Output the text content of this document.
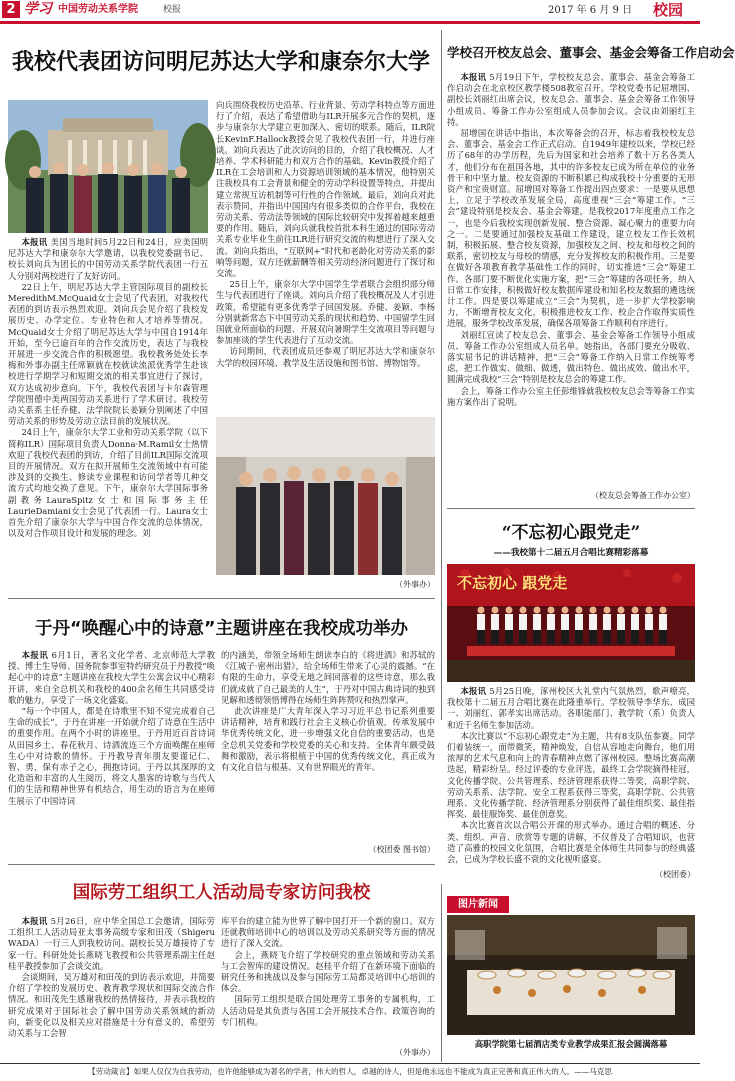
2 学习 中国劳动关系学院	校报	2017 年 6 月 9 日	校园
我校代表团访问明尼苏达大学和康奈尔大学

本报讯 美国当地时间5月22日和24日，应美国明尼苏达大学和康奈尔大学邀请，以我校党委副书记、校长刘向兵为团长的中国劳动关系学院代表团一行五人分别对两校进行了友好访问。

22日上午，明尼苏达大学主管国际项目的副校长MeredithM.McQuaid女士会见了代表团，对我校代表团的到访表示热烈欢迎。刘向兵会见介绍了我校发展历史、办学定位、专业特色和人才培养等情况。McQuaid女士介绍了明尼苏达大学与中国自1914年开始，至今已逾百年的合作交流历史，表达了与我校开展进一步交流合作的积极愿望。我校教务处处长李梅和外事办副主任席颖就在校就读流派优秀学生赴该校进行学期学习和短期交流的相关事宜进行了探讨，双方达成初步意向。下午，我校代表团与卡尔森管理学院图德中美两国劳动关系进行了学术研讨。我校劳动关系系主任乔健、法学院院长姜颖分别阐述了中国劳动关系的形势及劳动立法目前的发展状况。

24日上午，康奈尔大学工业和劳动关系学院（以下简称ILR）国际项目负责人Donna·M.Ramil女士热情欢迎了我校代表团的到访，介绍了目前ILR国际交流项目的开展情况。双方在拟开展师生交流领域中有可能涉及到的交换生、修读专业课程和访问学者等几种交流方式均地交换了意见。下午，康奈尔大学国际事务副教务LauraSpitz女士和国际事务主任LaurieDamiani女士会见了代表团一行。Laura女士首先介绍了康奈尔大学与中国合作交流的总体情况，以及对合作项目设计和发展的理念。刘

向兵围绕我校历史沿革、行业背景、劳动学科特点等方面进行了介绍，表达了希望借助与ILR开展多元合作的契机，逐步与康奈尔大学建立更加深入、密切的联系。随后，ILR院长KevinF.Hallock教授会见了我校代表团一行，并进行座谈。刘向兵表达了此次访问的目的，介绍了我校概况、人才培养、学术科研能力和双方合作的基础。Kevin教授介绍了ILR在工会培训和人力资源培训领域的基本情况，他特别关注我校具有工会背景和健全的劳动学科设置等特点，并提出建立常规互访机制等可行性的合作领域。最后，刘向兵对此表示赞同，并指出中国国内有很多类似的合作平台，我校在劳动关系、劳动法等领域的国际比较研究中发挥着越来越重要的作用。随后，刘向兵就我校首批本科生通过的国际劳动关系专业毕业生前往ILR进行研究交流的构想进行了深入交流。刘向兵指出，“互联网+”时代和老龄化对劳动关系的影响等问题，双方还就薪酬等相关劳动经济问题进行了探讨和交流。

25日上午，康奈尔大学中国学生学者联合会组织部分师生与代表团进行了座谈。刘向兵介绍了我校概况及人才引进政策，希望能有更多优秀学子回国发展。乔健、姜颖、李杨分别就新常态下中国劳动关系的现状和趋势、中国留学生回国就业所面临的问题、开展双向暑期学生交流项目等问题与参加座谈的学生代表进行了互动交流。

访问期间，代表团成员还参观了明尼苏达大学和康奈尔大学的校园环境、教学及生活设施和图书馆、博物馆等。

（外事办）
学校召开校友总会、董事会、基金会筹备工作启动会

本报讯 5月19日下午，学校校友总会、董事会、基金会筹备工作启动会在北京校区教学楼508教室召开。学校党委书记屈增国、副校长刘丽红出席会议，校友总会、董事会、基金会筹备工作领导小组成员、筹备工作办公室组成人员参加会议。会议由刘丽红主持。

屈增国在讲话中指出，本次筹备会的召开，标志着我校校友总会、董事会、基金会工作正式启动。自1949年建校以来，学校已经历了68年的办学历程，先后为国家和社会培养了数十万名各类人才，他们分布在祖国各地，其中的许多校友已成为所在单位的业务骨干和中坚力量。校友资源的不断积累已构成我校十分重要的无形资产和宝贵财富。屈增国对筹备工作提出四点要求：一是要从思想上，立足于学校改革发展全局，高度重视“三会”筹建工作。“三会”建设特别是校友会、基金会筹建，是我校2017年度重点工作之一，也是今后我校实现创新发展、整合资源、凝心聚力的重要力向之一。二是要通过加强校友基础工作建设，建立校友工作长效机制，积极拓展、整合校友资源，加强校友之间、校友和母校之间的联系，密切校友与母校的情感，充分发挥校友的积极作用。三是要在做好各项教育教学基础性工作的同时，切实推进“三会”筹建工作。各部门要不断优化实施方案，把“三会”筹建的各项任务，纳入日常工作安排，积极做好校友数据库建设和知名校友数据的遴选统计工作。四是要以筹建成立“三会”为契机，进一步扩大学校影响力，不断增育校友文化，积极推进校友工作、校企合作取得实质性进展，服务学校改革发展，确保各项筹备工作顺利有序进行。

刘丽红宣读了校友总会、董事会、基金会筹备工作领导小组成员、筹备工作办公室组成人员名单。她指出，各部门要充分吸收、落实屈书记的讲话精神，把“三会”筹备工作纳入日常工作统筹考虑，把工作做实、做细、做透，做出特色、做出成效、做出水平，圆满完成我校“三会”特别是校友总会的筹建工作。

会上，筹备工作办公室主任彭维锋就我校校友总会等筹备工作实施方案作出了说明。

（校友总会筹备工作办公室）
“不忘初心跟党走”
——我校第十二届五月合唱比赛精彩落幕
不忘初心 跟党走

本报讯 5月25日晚，涿州校区大礼堂内气氛热烈，歌声嘹亮，我校第十二届五月合唱比赛在此隆重举行。学校领导李华东、成园一、刘丽红、郭孝实出席活动。各职能部门、教学院（系）负责人和近千名师生参加活动。

本次比赛以“不忘初心跟党走”为主题，共有8支队伍参赛。同学们着装统一，面带微笑，精神焕发，自信从容地走向舞台，他们用浓厚的艺术气息和向上的青春精神点燃了涿州校园。整场比赛高潮迭起，精彩纷呈。经过评委的专业评选，最终工会学院摘得桂冠，文化传播学院、公共管理系、经济管理系获得二等奖，高职学院、劳动关系系、法学院、安全工程系获得三等奖，高职学院、公共管理系、文化传播学院、经济管理系分别获得了最佳组织奖、最佳指挥奖、最佳服饰奖、最佳创意奖。

本次比赛首次以合唱公开课的形式举办。通过合唱的概述、分类、组织、声音、欣赏等专题的讲解，不仅普及了合唱知识，也营造了高雅的校园文化氛围，合唱比赛是全体师生共同参与的经典盛会，已成为学校长盛不衰的文化视听盛宴。

（校团委）
于丹“唤醒心中的诗意”主题讲座在我校成功举办

本报讯 6月1日，著名文化学者、北京师范大学教授、博士生导师、国务院参事室特约研究员于丹教授“唤起心中的诗意”主题讲座在我校大学生公寓会议中心精彩开讲，来自全总机关和我校的400余名师生共同感受诗歌的魅力，享受了一场文化盛宴。

“每一个中国人，都是在诗歌里不知不觉完成着自己生命的成长”，于丹在讲座一开始就介绍了诗意在生活中的重要作用。在两个小时的讲座里，于丹用近百首诗词从田园乡土、春花秋月、诗酒流连三个方面唤醒在座师生心中对诗歌的情怀。于丹教导青年朋友要谨记仁、智、勇，保有赤子之心，拥抱诗词。于丹以其深厚的文化造诣和丰富的人生阅历，将文人墨客的诗歌与当代人们的生活和精神世界有机结合，用生动的语言为在座师生展示了中国诗词

的内涵美，带领全场师生朗读李白的《将进酒》和苏轼的《江城子·密州出猎》，给全场师生带来了心灵的震撼。“在有限的生命力，享受无地之间回落着的这些诗意，那么我们就成就了自己最美的人生”，于丹对中国古典诗词的独到见解和透彻领悟博得在场师生阵阵赞叹和热烈掌声。

此次讲座是广大青年深入学习习近平总书记系列重要讲话精神，培育和践行社会主义核心价值观，传承发展中华优秀传统文化，进一步增强文化自信的重要活动，也是全总机关党委和学校党委的关心和支持。全体青年颇受鼓舞和激励，表示将根植于中国的优秀传统文化，真正成为有文化自信与根基、又有世界眼光的青年。

（校团委 图书馆）
国际劳工组织工人活动局专家访问我校

本报讯 5月26日，应中华全国总工会邀请，国际劳工组织工人活动局亚太事务高级专家和田茂（Shigeru WADA）一行三人到我校访问。副校长吴万雄接待了专家一行。科研处处长燕晓飞教授和公共管理系副主任赵桂平教授参加了会谈交流。

会谈期间，吴万雄对和田茂的到访表示欢迎，并简要介绍了学校的发展历史、教育教学现状和国际交流合作情况。和田茂先生感谢我校的热情接待，并表示我校的研究成果对于国际社会了解中国劳动关系领域的新动向，新变化以及相关应对措施是十分有意义的，希望劳动关系与工会智

库平台的建立能为世界了解中国打开一个新的窗口。双方还就教师培训中心的培训以及劳动关系研究等方面的情况进行了深入交流。

会上，燕晓飞介绍了学校研究的重点领域和劳动关系与工会智库的建设情况。赵桂平介绍了在新环境下面临的研究任务和挑战以及参与国际劳工局都灵培训中心培训的体会。

国际劳工组织是联合国处理劳工事务的专属机构，工人活动局是其负责与各国工会开展技术合作、政策咨询的专门机构。

（外事办）
图片新闻
高职学院第七届酒店类专业教学成果汇报会圆满落幕
【劳动箴言】如果人仅仅为自我劳动，也许他能够成为著名的学者，伟大的哲人，卓越的诗人，但是他永远也不能成为真正完善和真正伟大的人。——马克思
